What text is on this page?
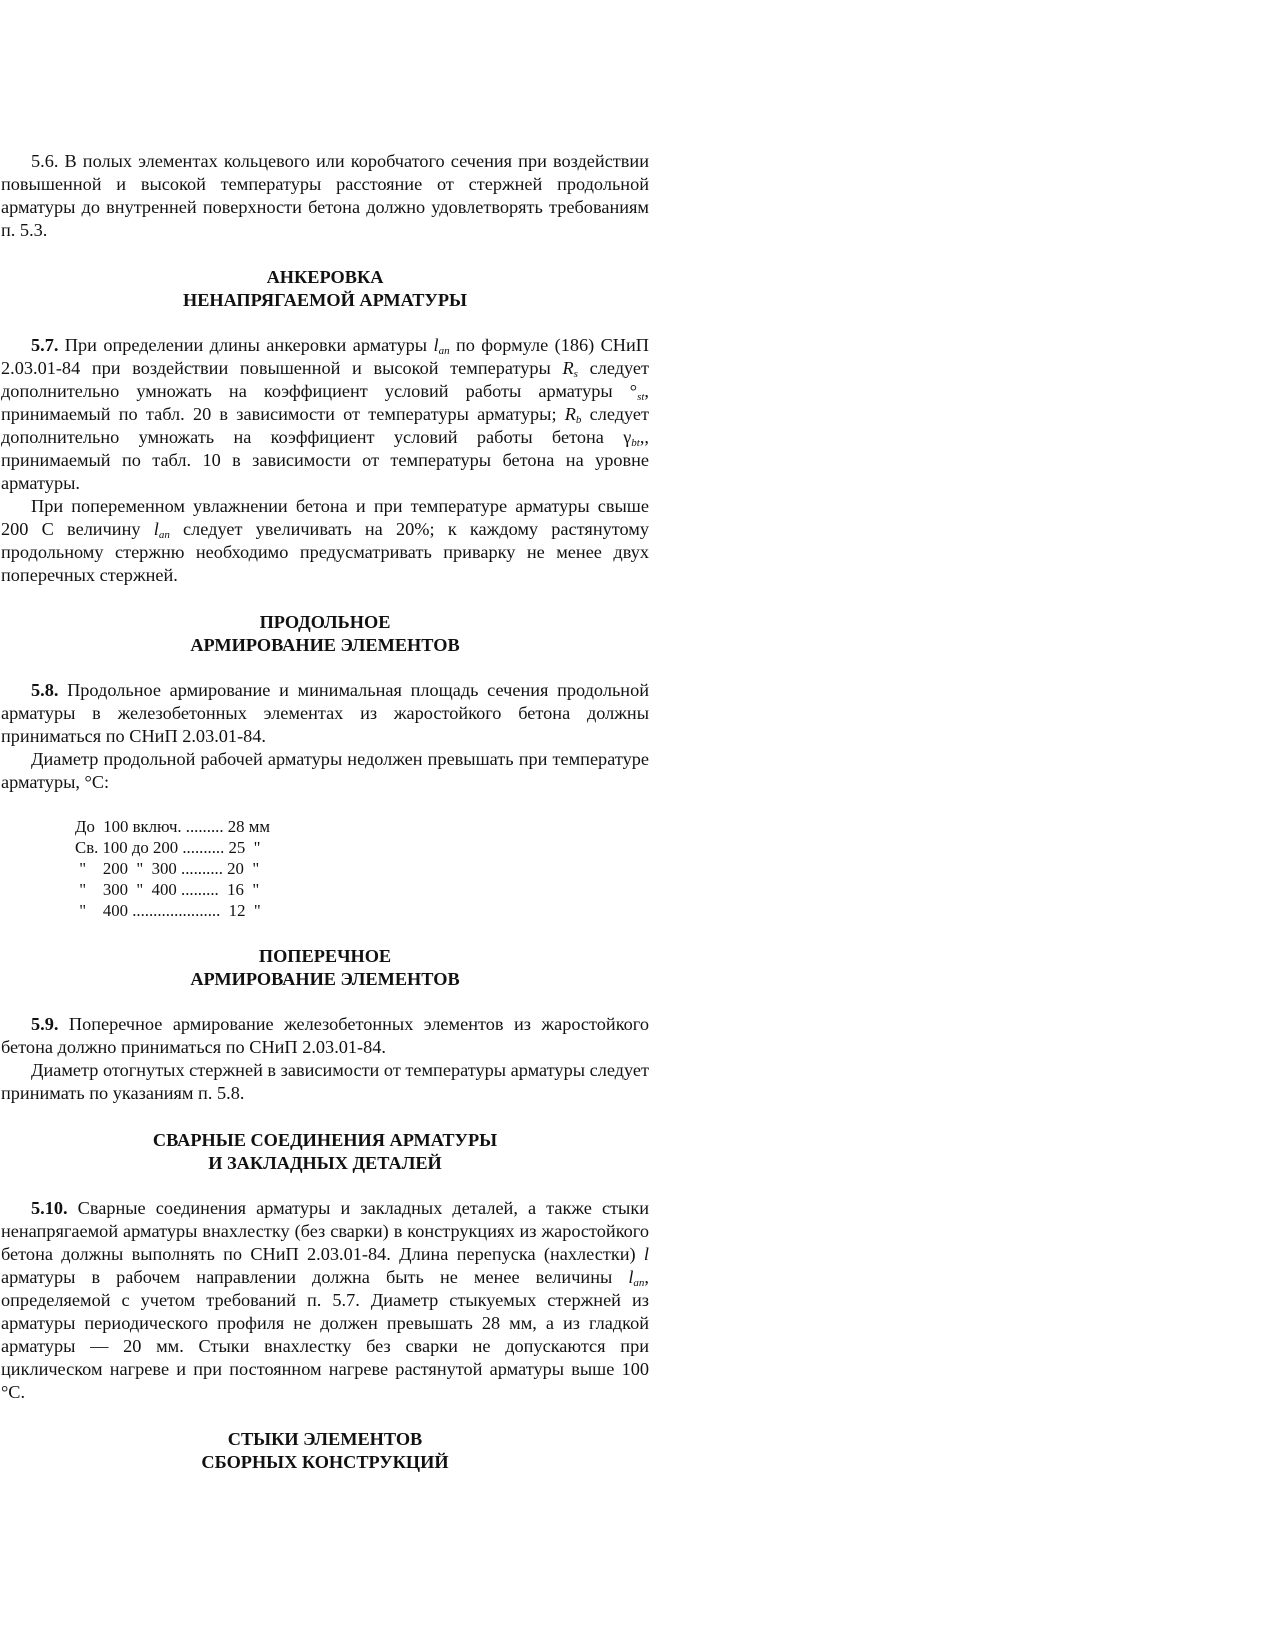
5.6. В полых элементах кольцевого или коробчатого сечения при воздействии повышенной и высокой температуры расстояние от стержней продольной арматуры до внутренней поверхности бетона должно удовлетворять требованиям п. 5.3.

АНКЕРОВКА
НЕНАПРЯГАЕМОЙ АРМАТУРЫ

5.7. При определении длины анкеровки арматуры $l_{an}$ по формуле (186) СНиП 2.03.01-84 при воздействии повышенной и высокой температуры $R_s$ следует дополнительно умножать на коэффициент условий работы арматуры $^\circ_{st}$, принимаемый по табл. 20 в зависимости от температуры арматуры; $R_b$ следует дополнительно умножать на коэффициент условий работы бетона $\gamma_{bt}$,, принимаемый по табл. 10 в зависимости от температуры бетона на уровне арматуры.

При попеременном увлажнении бетона и при температуре арматуры свыше 200 С величину $l_{an}$ следует увеличивать на 20%; к каждому растянутому продольному стержню необходимо предусматривать приварку не менее двух поперечных стержней.

ПРОДОЛЬНОЕ
АРМИРОВАНИЕ ЭЛЕМЕНТОВ

5.8. Продольное армирование и минимальная площадь сечения продольной арматуры в железобетонных элементах из жаростойкого бетона должны приниматься по СНиП 2.03.01-84.

Диаметр продольной рабочей арматуры недолжен превышать при температуре арматуры, °С:

До  100 включ. ......... 28 мм
Св. 100 до 200 .......... 25  "
"    200  "  300 .......... 20  "
"    300  "  400 .........  16  "
"    400 .....................  12  "
ПОПЕРЕЧНОЕ
АРМИРОВАНИЕ ЭЛЕМЕНТОВ

5.9. Поперечное армирование железобетонных элементов из жаростойкого бетона должно приниматься по СНиП 2.03.01-84.

Диаметр отогнутых стержней в зависимости от температуры арматуры следует принимать по указаниям п. 5.8.

СВАРНЫЕ СОЕДИНЕНИЯ АРМАТУРЫ
И ЗАКЛАДНЫХ ДЕТАЛЕЙ

5.10. Сварные соединения арматуры и закладных деталей, а также стыки ненапрягаемой арматуры внахлестку (без сварки) в конструкциях из жаростойкого бетона должны выполнять по СНиП 2.03.01-84. Длина перепуска (нахлестки) l арматуры в рабочем направлении должна быть не менее величины $l_{an}$, определяемой с учетом требований п. 5.7. Диаметр стыкуемых стержней из арматуры периодического профиля не должен превышать 28 мм, а из гладкой арматуры — 20 мм. Стыки внахлестку без сварки не допускаются при циклическом нагреве и при постоянном нагреве растянутой арматуры выше 100 °С.

СТЫКИ ЭЛЕМЕНТОВ
СБОРНЫХ КОНСТРУКЦИЙ
